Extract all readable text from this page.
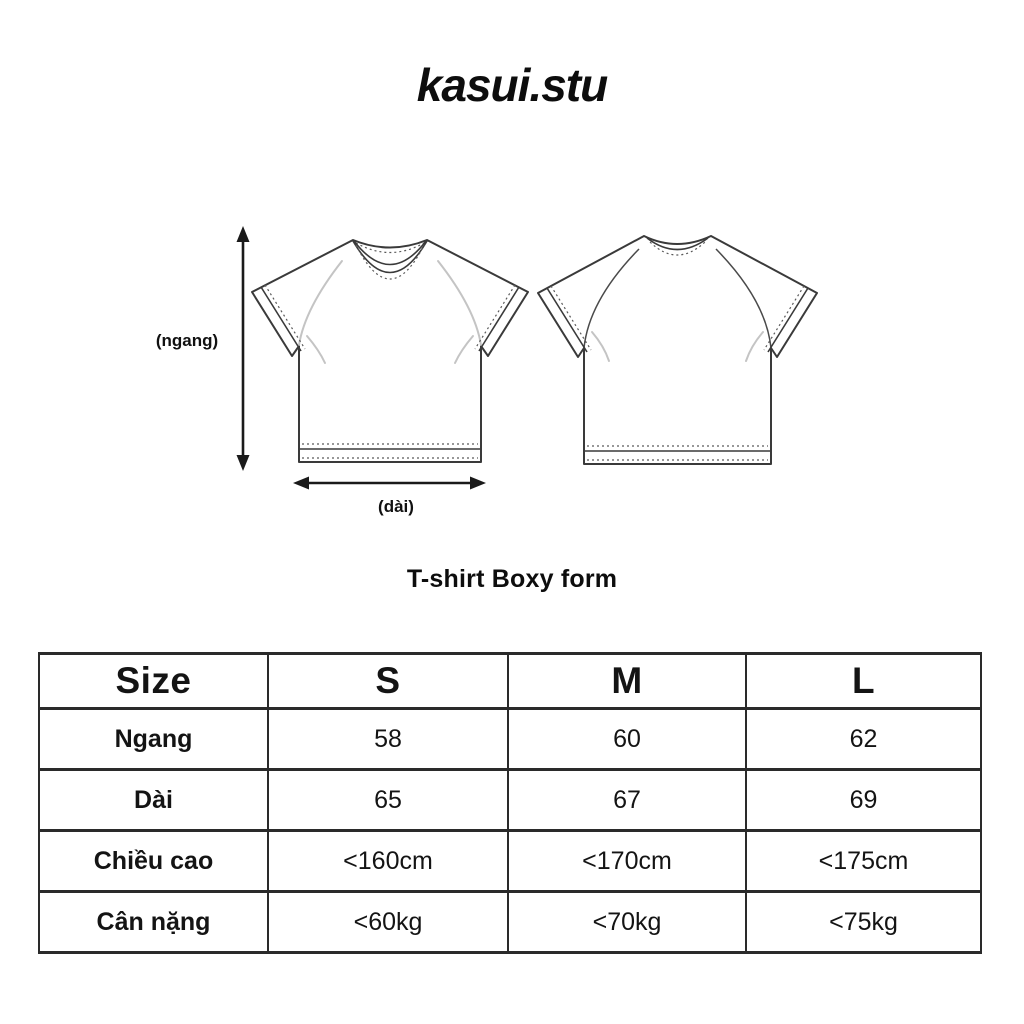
kasui.stu
(ngang)
(dài)
T-shirt Boxy form
Size	S	M	L
Ngang	58	60	62
Dài	65	67	69
Chiều cao	<160cm	<170cm	<175cm
Cân nặng	<60kg	<70kg	<75kg
